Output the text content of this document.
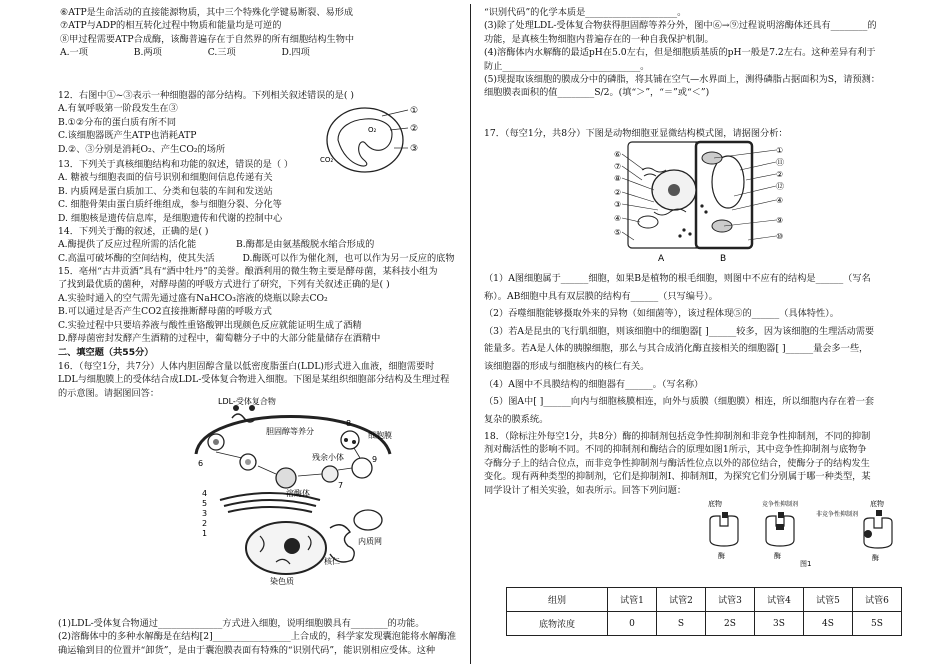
⑥ATP是生命活动的直接能源物质，其中三个特殊化学键易断裂、易形成

⑦ATP与ADP的相互转化过程中物质和能量均是可逆的

⑧甲过程需要ATP合成酶，该酶普遍存在于自然界的所有细胞结构生物中

A.一项	B.两项	C.三项	D.四项

12．右图中①~③表示一种细胞器的部分结构。下列相关叙述错误的是( )

A.有氧呼吸第一阶段发生在③

B.①②分布的蛋白质有所不同

C.该细胞器既产生ATP也消耗ATP

D.②、③分别是消耗O₂、产生CO₂的场所

①
②
③
O₂
CO₂

13．下列关于真核细胞结构和功能的叙述，错误的是（ ）

A. 糖被与细胞表面的信号识别和细胞间信息传递有关

B. 内质网是蛋白质加工、分类和包装的车间和发送站

C. 细胞骨架由蛋白质纤维组成，参与细胞分裂、分化等

D. 细胞核是遗传信息库，是细胞遗传和代谢的控制中心

14．下列关于酶的叙述，正确的是( )

A.酶提供了反应过程所需的活化能	B.酶都是由氨基酸脱水缩合形成的

C.高温可破坏酶的空间结构，使其失活	D.酶既可以作为催化剂，也可以作为另一反应的底物

15．亳州“古井贡酒”具有“酒中牡丹”的美誉。酿酒利用的微生物主要是酵母菌，某科技小组为

了找到最优质的菌种，对酵母菌的呼吸方式进行了研究，下列有关叙述正确的是( )

A.实验时通入的空气需先通过盛有NaHCO₃溶液的烧瓶以除去CO₂

B.可以通过是否产生CO2直接推断酵母菌的呼吸方式

C.实验过程中只要培养液与酸性重铬酸钾出现颜色反应就能证明生成了酒精

D.酵母菌密封发酵产生酒精的过程中，葡萄糖分子中的大部分能量储存在酒精中

二、填空题（共55分）

16．（每空1分，共7分）人体内胆固醇含量以低密度脂蛋白(LDL)形式进入血液，细胞需要时

LDL与细胞膜上的受体结合成LDL-受体复合物进入细胞。下图是某组织细胞部分结构及生理过程

的示意图。请据图回答：

LDL-受体复合物
胆固醇等养分	细胞膜
溶酶体
残余小体
核仁
内质网
染色质
6
4
5
3
2
1
7
9
8

(1)LDL-受体复合物通过______________方式进入细胞，说明细胞膜具有________的功能。

(2)溶酶体中的多种水解酶是在结构[2]_________________上合成的，科学家发现囊泡能将水解酶准

确运输到目的位置并“卸货”，是由于囊泡膜表面有特殊的“识别代码”，能识别相应受体。这种

“识别代码”的化学本质是____________________。

(3)除了处理LDL-受体复合物获得胆固醇等养分外，图中⑥→⑨过程说明溶酶体还具有________的

功能，是真核生物细胞内普遍存在的一种自我保护机制。

(4)溶酶体内水解酶的最适pH在5.0左右，但是细胞质基质的pH一般是7.2左右。这种差异有利于

防止______________________________。

(5)现提取该细胞的膜成分中的磷脂，将其铺在空气—水界面上，测得磷脂占据面积为S，请预测：

细胞膜表面积的值________S/2。(填“＞”，“＝”或“＜”)

17．（每空1分，共8分）下图是动物细胞亚显微结构模式图，请据图分析：

⑥
⑦
⑧
②
③
④
⑤
①
⑪
②
⑫
④
⑨
⑩
A	B

（1）A图细胞属于______细胞，如果B是植物的根毛细胞，则图中不应有的结构是______（写名

称）。AB细胞中具有双层膜的结构有______（只写编号）。

（2）吞噬细胞能够摄取外来的异物（如细菌等），该过程体现⑤的______（具体特性）。

（3）若A是昆虫的飞行肌细胞，则该细胞中的细胞器[ ]______较多，因为该细胞的生理活动需要

能量多。若A是人体的胰腺细胞，那么与其合成消化酶直接相关的细胞器[ ]______量会多一些，

该细胞器的形成与细胞核内的核仁有关。

（4）A图中不具膜结构的细胞器有______。（写名称）

（5）图A中[ ]______向内与细胞核膜相连，向外与质膜（细胞膜）相连，所以细胞内存在着一套

复杂的膜系统。

18．（除标注外每空1分，共8分）酶的抑制剂包括竞争性抑制剂和非竞争性抑制剂，不同的抑制

剂对酶活性的影响不同。不同的抑制剂和酶结合的原理如图1所示，其中竞争性抑制剂与底物争

夺酶分子上的结合位点，而非竞争性抑制剂与酶活性位点以外的部位结合，使酶分子的结构发生

变化。现有两种类型的抑制剂，它们是抑制剂Ⅰ、抑制剂Ⅱ，为探究它们分别属于哪一种类型，某

同学设计了相关实验，如表所示。回答下列问题：

底物
酶
竞争性抑制剂
酶
非竞争性抑制剂
底物
酶
图1
组别	试管1	试管2	试管3	试管4	试管5	试管6
底物浓度	0	S	2S	3S	4S	5S
